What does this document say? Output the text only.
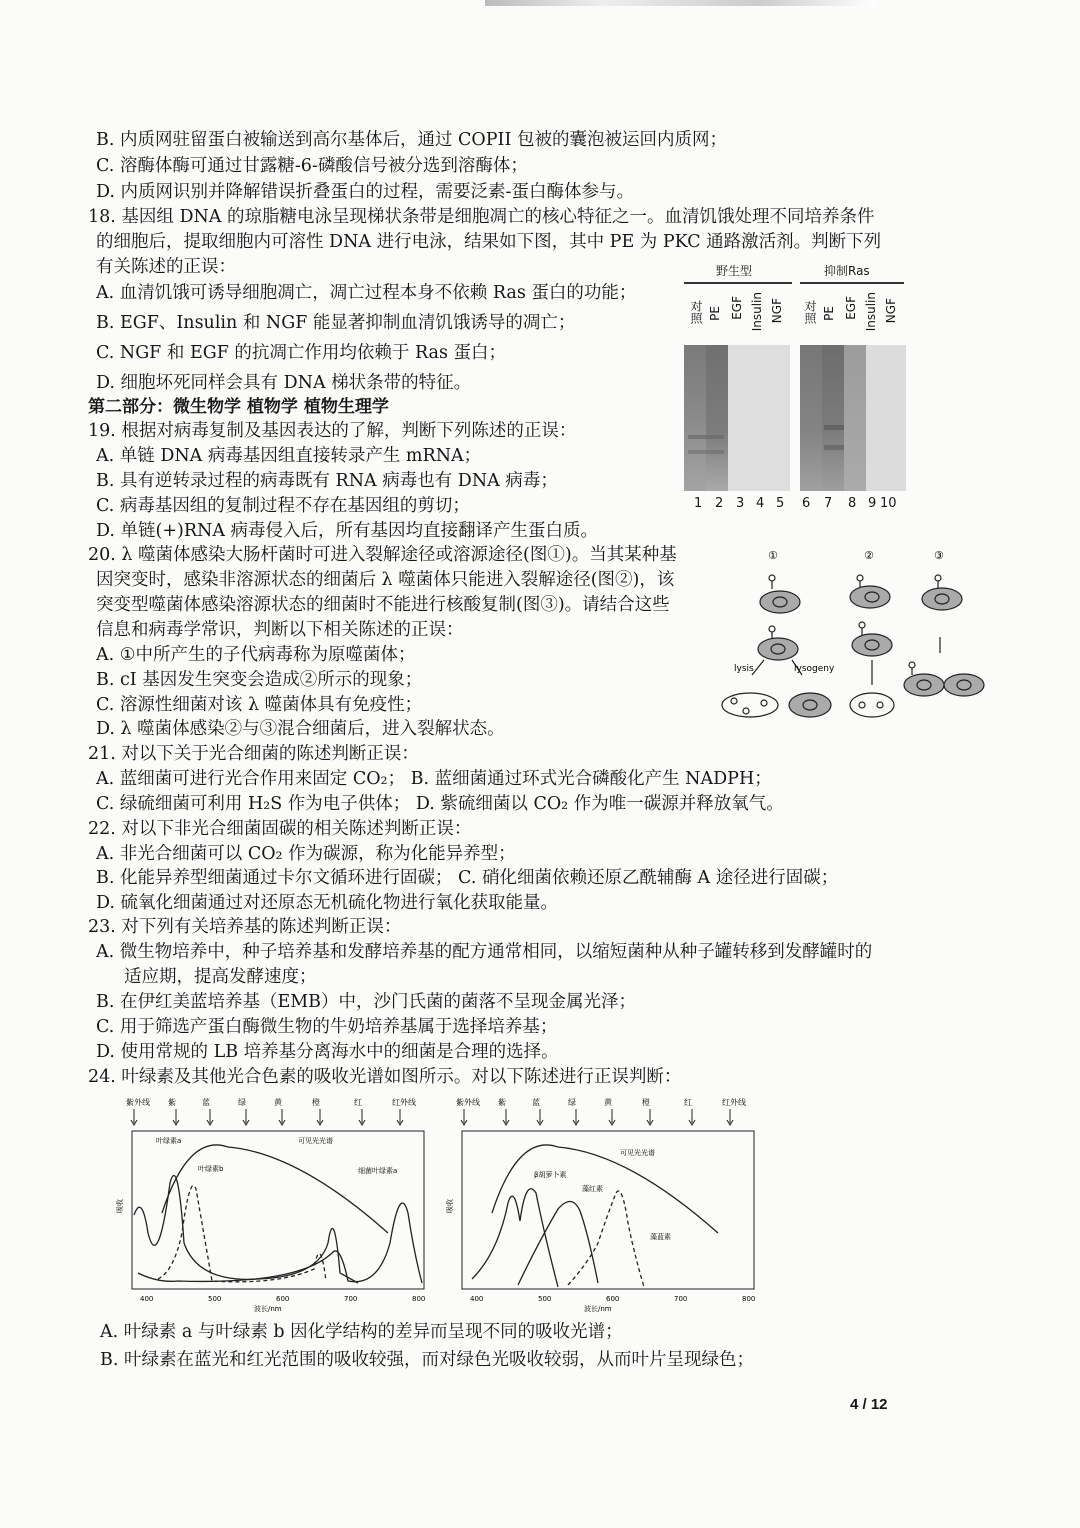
B. 内质网驻留蛋白被输送到高尔基体后，通过 COPII 包被的囊泡被运回内质网；
C. 溶酶体酶可通过甘露糖-6-磷酸信号被分选到溶酶体；
D. 内质网识别并降解错误折叠蛋白的过程，需要泛素-蛋白酶体参与。
18. 基因组 DNA 的琼脂糖电泳呈现梯状条带是细胞凋亡的核心特征之一。血清饥饿处理不同培养条件
的细胞后，提取细胞内可溶性 DNA 进行电泳，结果如下图，其中 PE 为 PKC 通路激活剂。判断下列
有关陈述的正误：
A. 血清饥饿可诱导细胞凋亡，凋亡过程本身不依赖 Ras 蛋白的功能；
B. EGF、Insulin 和 NGF 能显著抑制血清饥饿诱导的凋亡；
C. NGF 和 EGF 的抗凋亡作用均依赖于 Ras 蛋白；
D. 细胞坏死同样会具有 DNA 梯状条带的特征。
第二部分：微生物学 植物学 植物生理学
19. 根据对病毒复制及基因表达的了解，判断下列陈述的正误：
A. 单链 DNA 病毒基因组直接转录产生 mRNA；
B. 具有逆转录过程的病毒既有 RNA 病毒也有 DNA 病毒；
C. 病毒基因组的复制过程不存在基因组的剪切；
D. 单链(+)RNA 病毒侵入后，所有基因均直接翻译产生蛋白质。
20. λ 噬菌体感染大肠杆菌时可进入裂解途径或溶源途径(图①)。当其某种基
因突变时，感染非溶源状态的细菌后 λ 噬菌体只能进入裂解途径(图②)，该
突变型噬菌体感染溶源状态的细菌时不能进行核酸复制(图③)。请结合这些
信息和病毒学常识，判断以下相关陈述的正误：
A. ①中所产生的子代病毒称为原噬菌体；
B. cI 基因发生突变会造成②所示的现象；
C. 溶源性细菌对该 λ 噬菌体具有免疫性；
D. λ 噬菌体感染②与③混合细菌后，进入裂解状态。
21. 对以下关于光合细菌的陈述判断正误：
A. 蓝细菌可进行光合作用来固定 CO₂； B. 蓝细菌通过环式光合磷酸化产生 NADPH；
C. 绿硫细菌可利用 H₂S 作为电子供体； D. 紫硫细菌以 CO₂ 作为唯一碳源并释放氧气。
22. 对以下非光合细菌固碳的相关陈述判断正误：
A. 非光合细菌可以 CO₂ 作为碳源，称为化能异养型；
B. 化能异养型细菌通过卡尔文循环进行固碳； C. 硝化细菌依赖还原乙酰辅酶 A 途径进行固碳；
D. 硫氧化细菌通过对还原态无机硫化物进行氧化获取能量。
23. 对下列有关培养基的陈述判断正误：
A. 微生物培养中，种子培养基和发酵培养基的配方通常相同，以缩短菌种从种子罐转移到发酵罐时的
适应期，提高发酵速度；
B. 在伊红美蓝培养基（EMB）中，沙门氏菌的菌落不呈现金属光泽；
C. 用于筛选产蛋白酶微生物的牛奶培养基属于选择培养基；
D. 使用常规的 LB 培养基分离海水中的细菌是合理的选择。
24. 叶绿素及其他光合色素的吸收光谱如图所示。对以下陈述进行正误判断：
A. 叶绿素 a 与叶绿素 b 因化学结构的差异而呈现不同的吸收光谱；
B. 叶绿素在蓝光和红光范围的吸收较强，而对绿色光吸收较弱，从而叶片呈现绿色；
野生型	抑制Ras
对照 PE EGF Insulin NGF 对照 PE EGF Insulin NGF
1 2 3 4 5 6 7 8 9 10
①	②	③
lysis	lysogeny
紫外线 紫	蓝	绿	黄	橙	红	红外线
400	500	600	700	800
波长/nm
吸收
叶绿素a
叶绿素b
可见光光谱
细菌叶绿素a
紫外线 紫	蓝	绿	黄	橙	红	红外线
400	500	600	700	800
波长/nm
吸收
可见光光谱
β胡萝卜素
藻红素
藻蓝素
4 / 12
